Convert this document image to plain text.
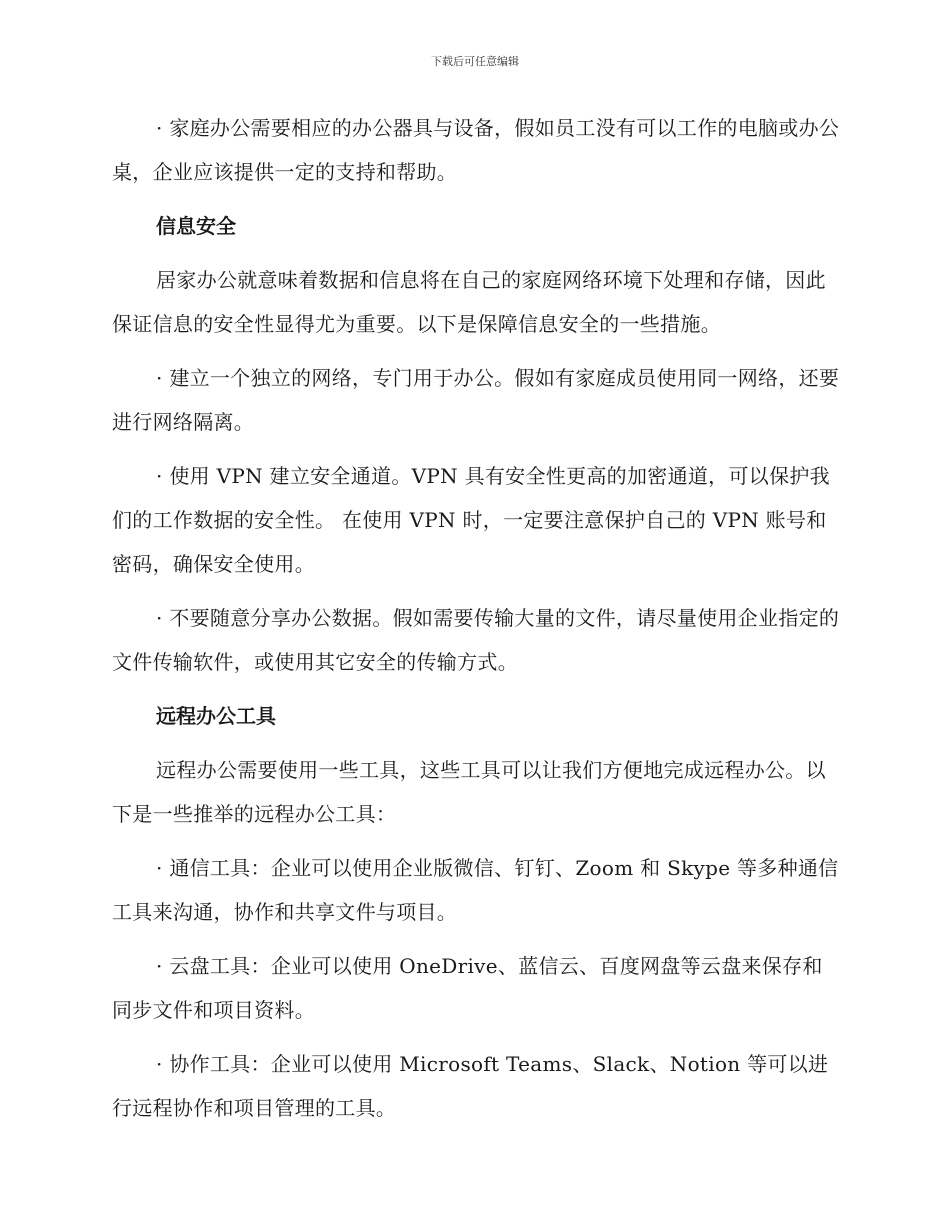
下载后可任意编辑

· 家庭办公需要相应的办公器具与设备，假如员工没有可以工作的电脑或办公桌，企业应该提供一定的支持和帮助。

信息安全

居家办公就意味着数据和信息将在自己的家庭网络环境下处理和存储，因此保证信息的安全性显得尤为重要。以下是保障信息安全的一些措施。

· 建立一个独立的网络，专门用于办公。假如有家庭成员使用同一网络，还要进行网络隔离。

· 使用 VPN 建立安全通道。VPN 具有安全性更高的加密通道，可以保护我们的工作数据的安全性。 在使用 VPN 时，一定要注意保护自己的 VPN 账号和密码，确保安全使用。

· 不要随意分享办公数据。假如需要传输大量的文件，请尽量使用企业指定的文件传输软件，或使用其它安全的传输方式。

远程办公工具

远程办公需要使用一些工具，这些工具可以让我们方便地完成远程办公。以下是一些推举的远程办公工具：

· 通信工具：企业可以使用企业版微信、钉钉、Zoom 和 Skype 等多种通信工具来沟通，协作和共享文件与项目。

· 云盘工具：企业可以使用 OneDrive、蓝信云、百度网盘等云盘来保存和同步文件和项目资料。

· 协作工具：企业可以使用 Microsoft Teams、Slack、Notion 等可以进行远程协作和项目管理的工具。
